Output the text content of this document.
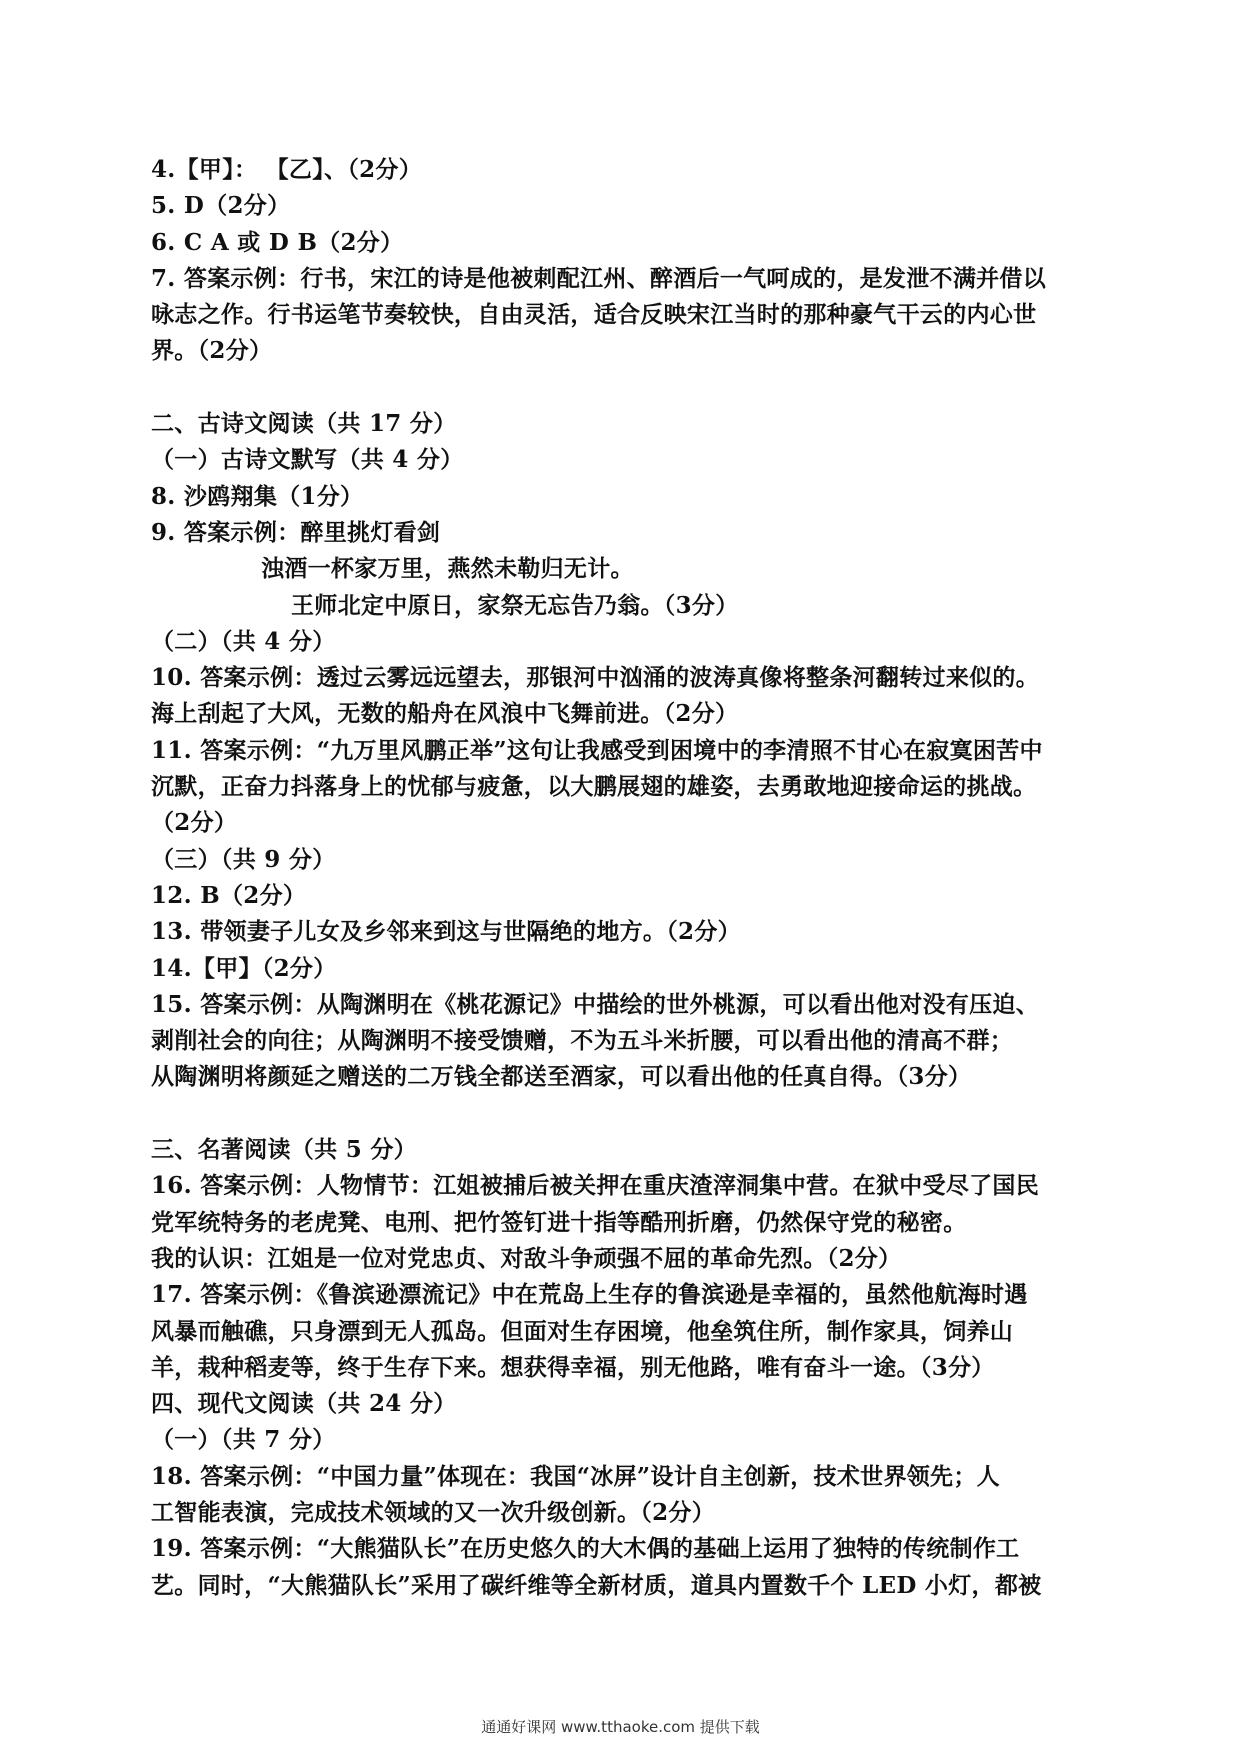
4.【甲】： 【乙】、（2分）
5. D（2分）
6. C A 或 D B（2分）
7. 答案示例：行书，宋江的诗是他被刺配江州、醉酒后一气呵成的，是发泄不满并借以
咏志之作。行书运笔节奏较快，自由灵活，适合反映宋江当时的那种豪气干云的内心世
界。（2分）
二、古诗文阅读（共 17 分）
（一）古诗文默写（共 4 分）
8. 沙鸥翔集（1分）
9. 答案示例：醉里挑灯看剑
浊酒一杯家万里，燕然未勒归无计。
王师北定中原日，家祭无忘告乃翁。（3分）
（二）（共 4 分）
10. 答案示例：透过云雾远远望去，那银河中汹涌的波涛真像将整条河翻转过来似的。
海上刮起了大风，无数的船舟在风浪中飞舞前进。（2分）
11. 答案示例：“九万里风鹏正举”这句让我感受到困境中的李清照不甘心在寂寞困苦中
沉默，正奋力抖落身上的忧郁与疲惫，以大鹏展翅的雄姿，去勇敢地迎接命运的挑战。
（2分）
（三）（共 9 分）
12. B（2分）
13. 带领妻子儿女及乡邻来到这与世隔绝的地方。（2分）
14.【甲】（2分）
15. 答案示例：从陶渊明在《桃花源记》中描绘的世外桃源，可以看出他对没有压迫、
剥削社会的向往；从陶渊明不接受馈赠，不为五斗米折腰，可以看出他的清高不群；
从陶渊明将颜延之赠送的二万钱全都送至酒家，可以看出他的任真自得。（3分）
三、名著阅读（共 5 分）
16. 答案示例：人物情节：江姐被捕后被关押在重庆渣滓洞集中营。在狱中受尽了国民
党军统特务的老虎凳、电刑、把竹签钉进十指等酷刑折磨，仍然保守党的秘密。
我的认识：江姐是一位对党忠贞、对敌斗争顽强不屈的革命先烈。（2分）
17. 答案示例：《鲁滨逊漂流记》中在荒岛上生存的鲁滨逊是幸福的，虽然他航海时遇
风暴而触礁，只身漂到无人孤岛。但面对生存困境，他垒筑住所，制作家具，饲养山
羊，栽种稻麦等，终于生存下来。想获得幸福，别无他路，唯有奋斗一途。（3分）
四、现代文阅读（共 24 分）
（一）（共 7 分）
18. 答案示例：“中国力量”体现在：我国“冰屏”设计自主创新，技术世界领先；人
工智能表演，完成技术领域的又一次升级创新。（2分）
19. 答案示例：“大熊猫队长”在历史悠久的大木偶的基础上运用了独特的传统制作工
艺。同时，“大熊猫队长”采用了碳纤维等全新材质，道具内置数千个 LED 小灯，都被
通通好课网 www.tthaoke.com 提供下载
